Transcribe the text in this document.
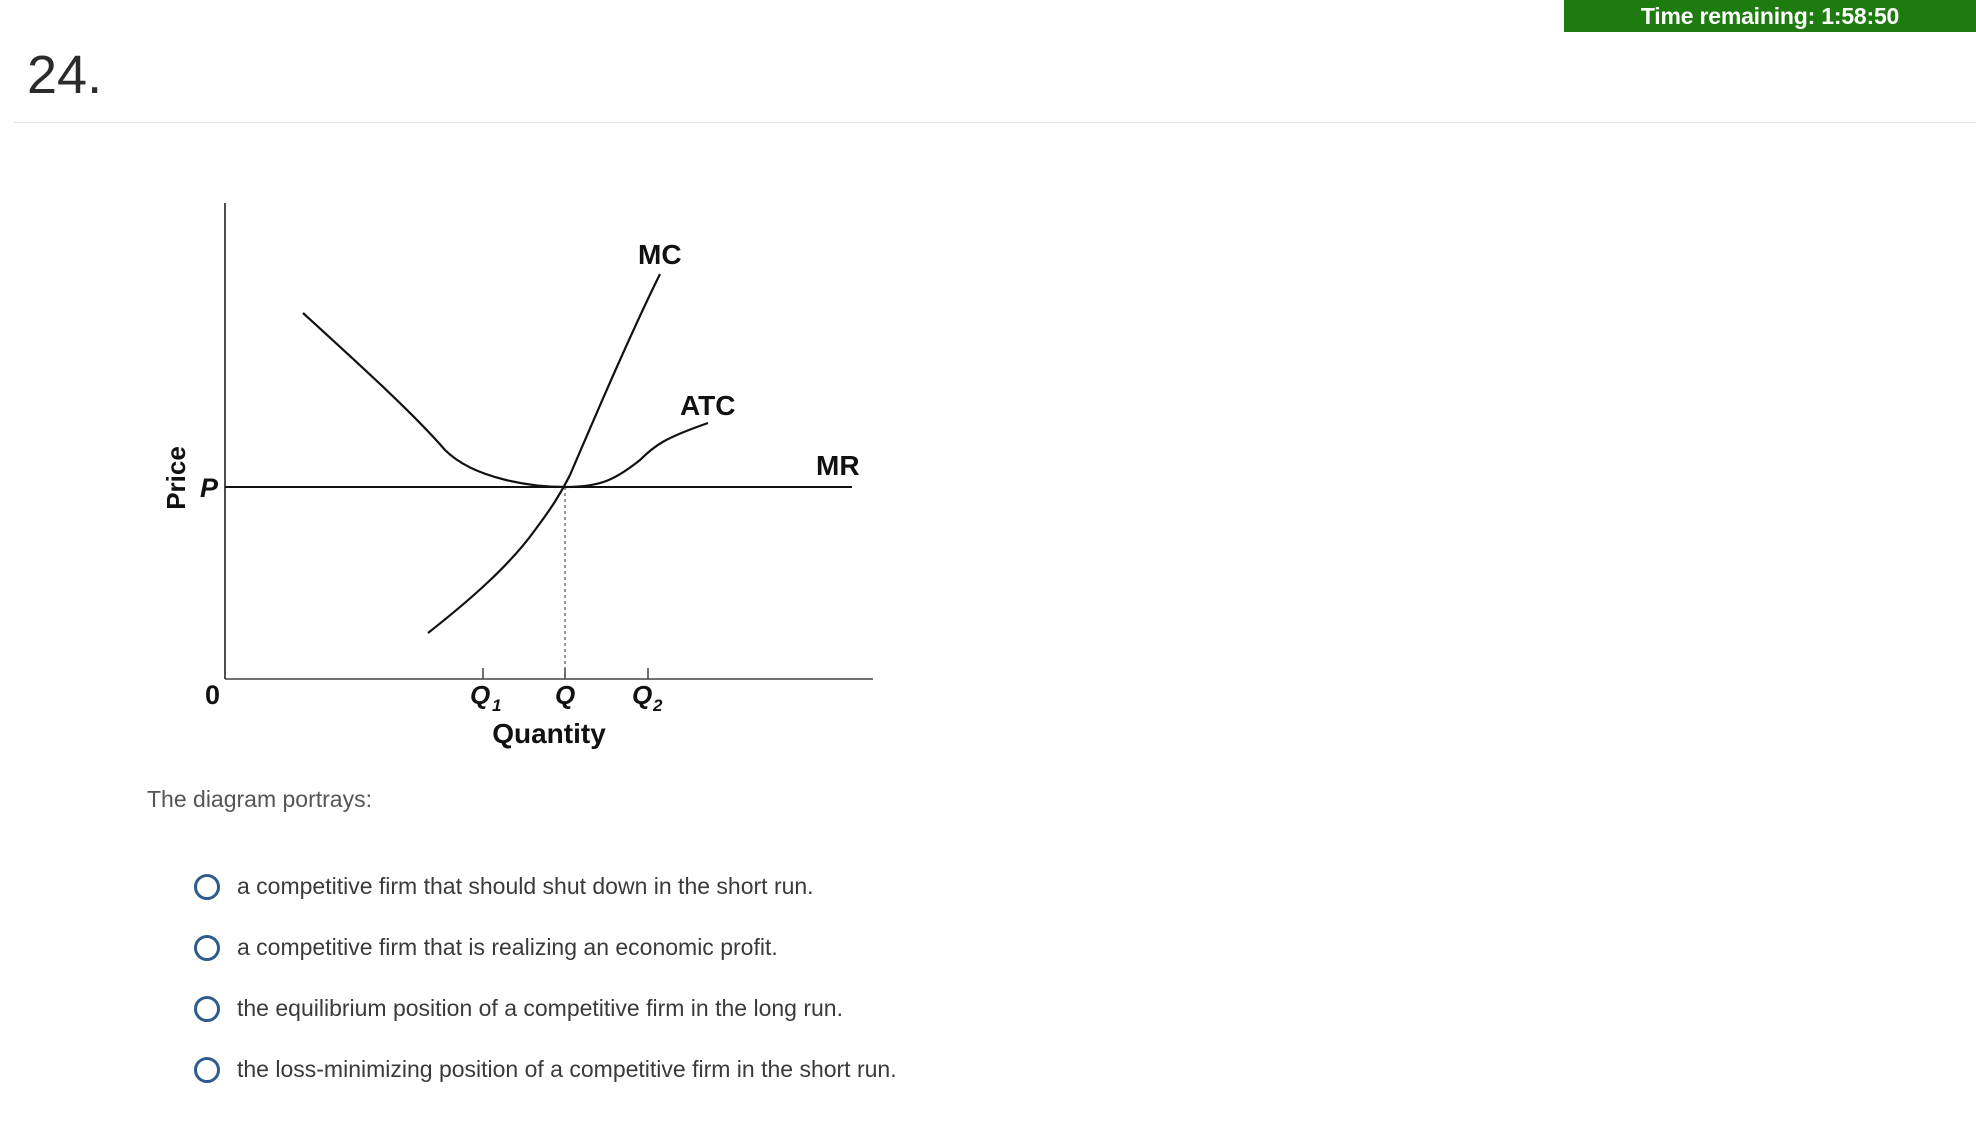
Time remaining: 1:58:50
24.
MC
ATC
MR
Price P
0	Q 1 Q Q 2
Quantity
The diagram portrays:
a competitive firm that should shut down in the short run.
a competitive firm that is realizing an economic profit.
the equilibrium position of a competitive firm in the long run.
the loss-minimizing position of a competitive firm in the short run.
